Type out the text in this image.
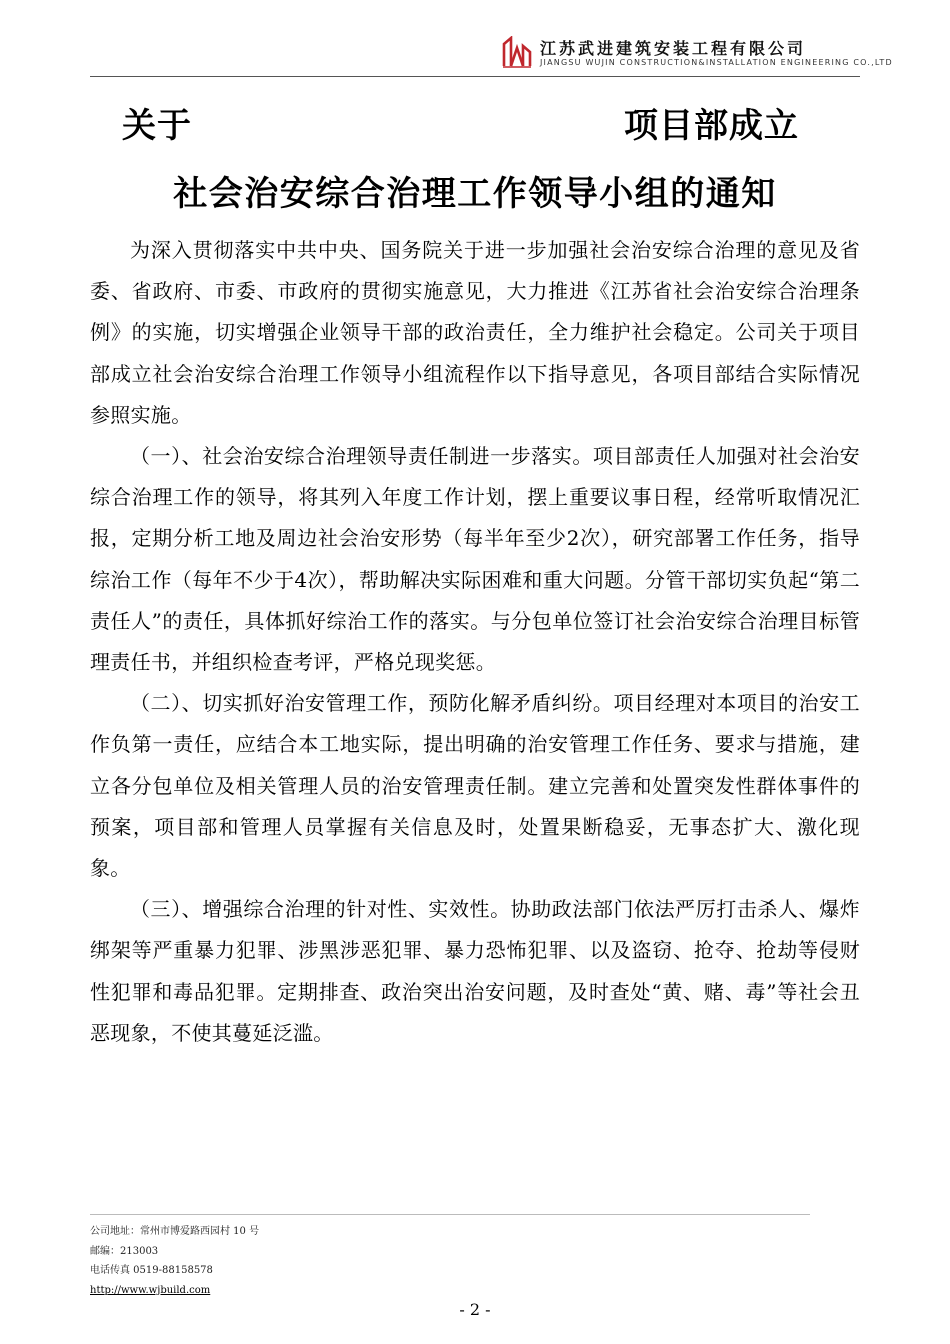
江苏武进建筑安装工程有限公司
JIANGSU WUJIN CONSTRUCTION&INSTALLATION ENGINEERING CO.,LTD
关于	项目部成立
社会治安综合治理工作领导小组的通知

为深入贯彻落实中共中央、国务院关于进一步加强社会治安综合治理的意见及省委、省政府、市委、市政府的贯彻实施意见，大力推进《江苏省社会治安综合治理条例》的实施，切实增强企业领导干部的政治责任，全力维护社会稳定。公司关于项目部成立社会治安综合治理工作领导小组流程作以下指导意见，各项目部结合实际情况参照实施。

（一）、社会治安综合治理领导责任制进一步落实。项目部责任人加强对社会治安综合治理工作的领导，将其列入年度工作计划，摆上重要议事日程，经常听取情况汇报，定期分析工地及周边社会治安形势（每半年至少2次），研究部署工作任务，指导综治工作（每年不少于4次），帮助解决实际困难和重大问题。分管干部切实负起“第二责任人”的责任，具体抓好综治工作的落实。与分包单位签订社会治安综合治理目标管理责任书，并组织检查考评，严格兑现奖惩。

（二）、切实抓好治安管理工作，预防化解矛盾纠纷。项目经理对本项目的治安工作负第一责任，应结合本工地实际，提出明确的治安管理工作任务、要求与措施，建立各分包单位及相关管理人员的治安管理责任制。建立完善和处置突发性群体事件的预案，项目部和管理人员掌握有关信息及时，处置果断稳妥，无事态扩大、激化现象。

（三）、增强综合治理的针对性、实效性。协助政法部门依法严厉打击杀人、爆炸绑架等严重暴力犯罪、涉黑涉恶犯罪、暴力恐怖犯罪、以及盗窃、抢夺、抢劫等侵财性犯罪和毒品犯罪。定期排查、政治突出治安问题，及时查处“黄、赌、毒”等社会丑恶现象，不使其蔓延泛滥。

公司地址：常州市博爱路西园村 10 号
邮编：213003
电话传真 0519-88158578
http://www.wjbuild.com
- 2 -
